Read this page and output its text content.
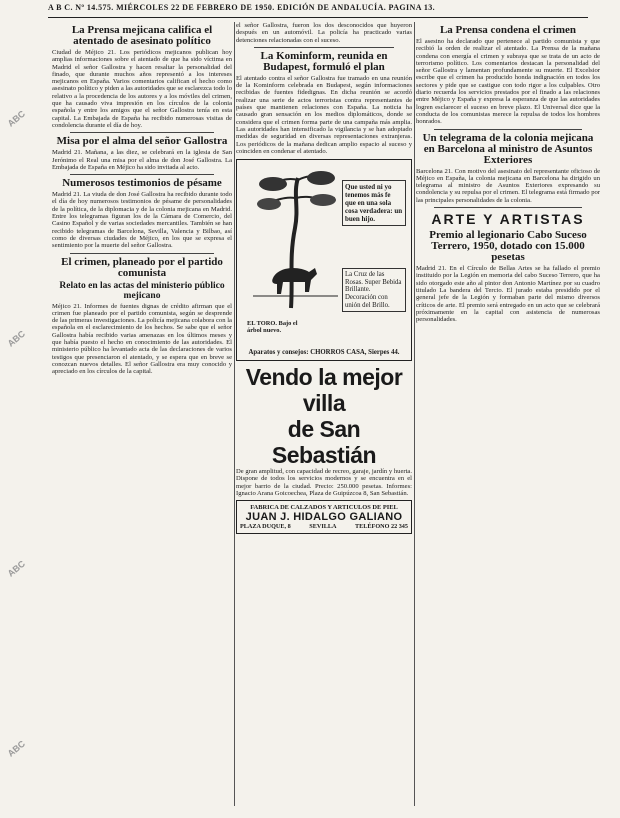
A B C. Nº 14.575. MIÉRCOLES 22 DE FEBRERO DE 1950. EDICIÓN DE ANDALUCÍA. PAGINA 13.
La Prensa mejicana califica el atentado de asesinato político
Ciudad de Méjico 21. Los periódicos mejicanos publican hoy amplias informaciones sobre el atentado de que ha sido víctima en Madrid el señor Gallostra y hacen resaltar la personalidad del finado, que durante muchos años representó a los intereses mejicanos en España. Varios comentarios califican el hecho como asesinato político y piden a las autoridades que se esclarezca todo lo relativo a la procedencia de los autores y a los móviles del crimen, que ha causado viva impresión en los círculos de la colonia española y entre los amigos que el señor Gallostra tenía en esta capital. La Embajada de España ha recibido numerosas visitas de condolencia durante el día de hoy.
Misa por el alma del señor Gallostra
Madrid 21. Mañana, a las diez, se celebrará en la iglesia de San Jerónimo el Real una misa por el alma de don José Gallostra. La Embajada de España en Méjico ha sido invitada al acto.
Numerosos testimonios de pésame
Madrid 21. La viuda de don José Gallostra ha recibido durante todo el día de hoy numerosos testimonios de pésame de personalidades de la política, de la diplomacia y de la colonia mejicana en Madrid. Entre los telegramas figuran los de la Cámara de Comercio, del Casino Español y de varias sociedades mercantiles. También se han recibido telegramas de Barcelona, Sevilla, Valencia y Bilbao, así como de diversas ciudades de Méjico, en los que se expresa el sentimiento por la muerte del señor Gallostra.
El crimen, planeado por el partido comunista
Relato en las actas del ministerio público mejicano
Méjico 21. Informes de fuentes dignas de crédito afirman que el crimen fue planeado por el partido comunista, según se desprende de las primeras investigaciones. La policía mejicana colabora con la española en el esclarecimiento de los hechos. Se sabe que el señor Gallostra había recibido varias amenazas en los últimos meses y que había puesto el hecho en conocimiento de las autoridades. El ministerio público ha levantado acta de las declaraciones de varios testigos que presenciaron el atentado, y se espera que en breve se conozcan nuevos detalles. El señor Gallostra era muy conocido y apreciado en los círculos de la capital.
el señor Gallostra, fueron los dos desconocidos que huyeron después en un automóvil. La policía ha practicado varias detenciones relacionadas con el suceso.
La Kominform, reunida en Budapest, formuló el plan
El atentado contra el señor Gallostra fue tramado en una reunión de la Kominform celebrada en Budapest, según informaciones recibidas de fuentes fidedignas. En dicha reunión se acordó realizar una serie de actos terroristas contra representantes de países que mantienen relaciones con España. La noticia ha causado gran sensación en los medios diplomáticos, donde se considera que el crimen forma parte de una campaña más amplia. Las autoridades han intensificado la vigilancia y se han adoptado medidas de seguridad en diversas representaciones extranjeras. Los periódicos de la mañana dedican amplio espacio al suceso y coinciden en condenar el atentado.
Que usted ni yo tenemos más fe que en una sola cosa verdadera: un buen hijo.
La Cruz de las Rosas. Super Bebida Brillante. Decoración con unión del Brillo.
EL TORO. Bajo el árbol nuevo.
Aparatos y consejos: CHORROS CASA, Sierpes 44.
Vendo la mejor villa
de San Sebastián
De gran amplitud, con capacidad de recreo, garaje, jardín y huerta. Dispone de todos los servicios modernos y se encuentra en el mejor barrio de la ciudad. Precio: 250.000 pesetas. Informes: Ignacio Arana Goicoechea, Plaza de Guipúzcoa 8, San Sebastián.
FABRICA DE CALZADOS Y ARTICULOS DE PIEL
JUAN J. HIDALGO GALIANO
PLAZA DUQUE, 8	SEVILLA	TELÉFONO 22 345
La Prensa condena el crimen
El asesino ha declarado que pertenece al partido comunista y que recibió la orden de realizar el atentado. La Prensa de la mañana condena con energía el crimen y subraya que se trata de un acto de terrorismo político. Los comentarios destacan la personalidad del señor Gallostra y lamentan profundamente su muerte. El Excelsior escribe que el crimen ha producido honda indignación en todos los sectores y pide que se castigue con todo rigor a los culpables. Otro diario recuerda los servicios prestados por el finado a las relaciones entre Méjico y España y expresa la esperanza de que las autoridades logren esclarecer el suceso en breve plazo. El Universal dice que la conducta de los comunistas merece la repulsa de todos los hombres honrados.
Un telegrama de la colonia mejicana en Barcelona al ministro de Asuntos Exteriores
Barcelona 21. Con motivo del asesinato del representante oficioso de Méjico en España, la colonia mejicana en Barcelona ha dirigido un telegrama al ministro de Asuntos Exteriores expresando su condolencia y su repulsa por el crimen. El telegrama está firmado por las principales personalidades de la colonia.
ARTE Y ARTISTAS
Premio al legionario Cabo Suceso Terrero, 1950, dotado con 15.000 pesetas
Madrid 21. En el Círculo de Bellas Artes se ha fallado el premio instituido por la Legión en memoria del cabo Suceso Terrero, que ha sido otorgado este año al pintor don Antonio Martínez por su cuadro titulado La bandera del Tercio. El jurado estaba presidido por el general jefe de la Legión y formaban parte del mismo diversos críticos de arte. El premio será entregado en un acto que se celebrará próximamente en la capital con asistencia de numerosas personalidades.
ABC
ABC
ABC
ABC
